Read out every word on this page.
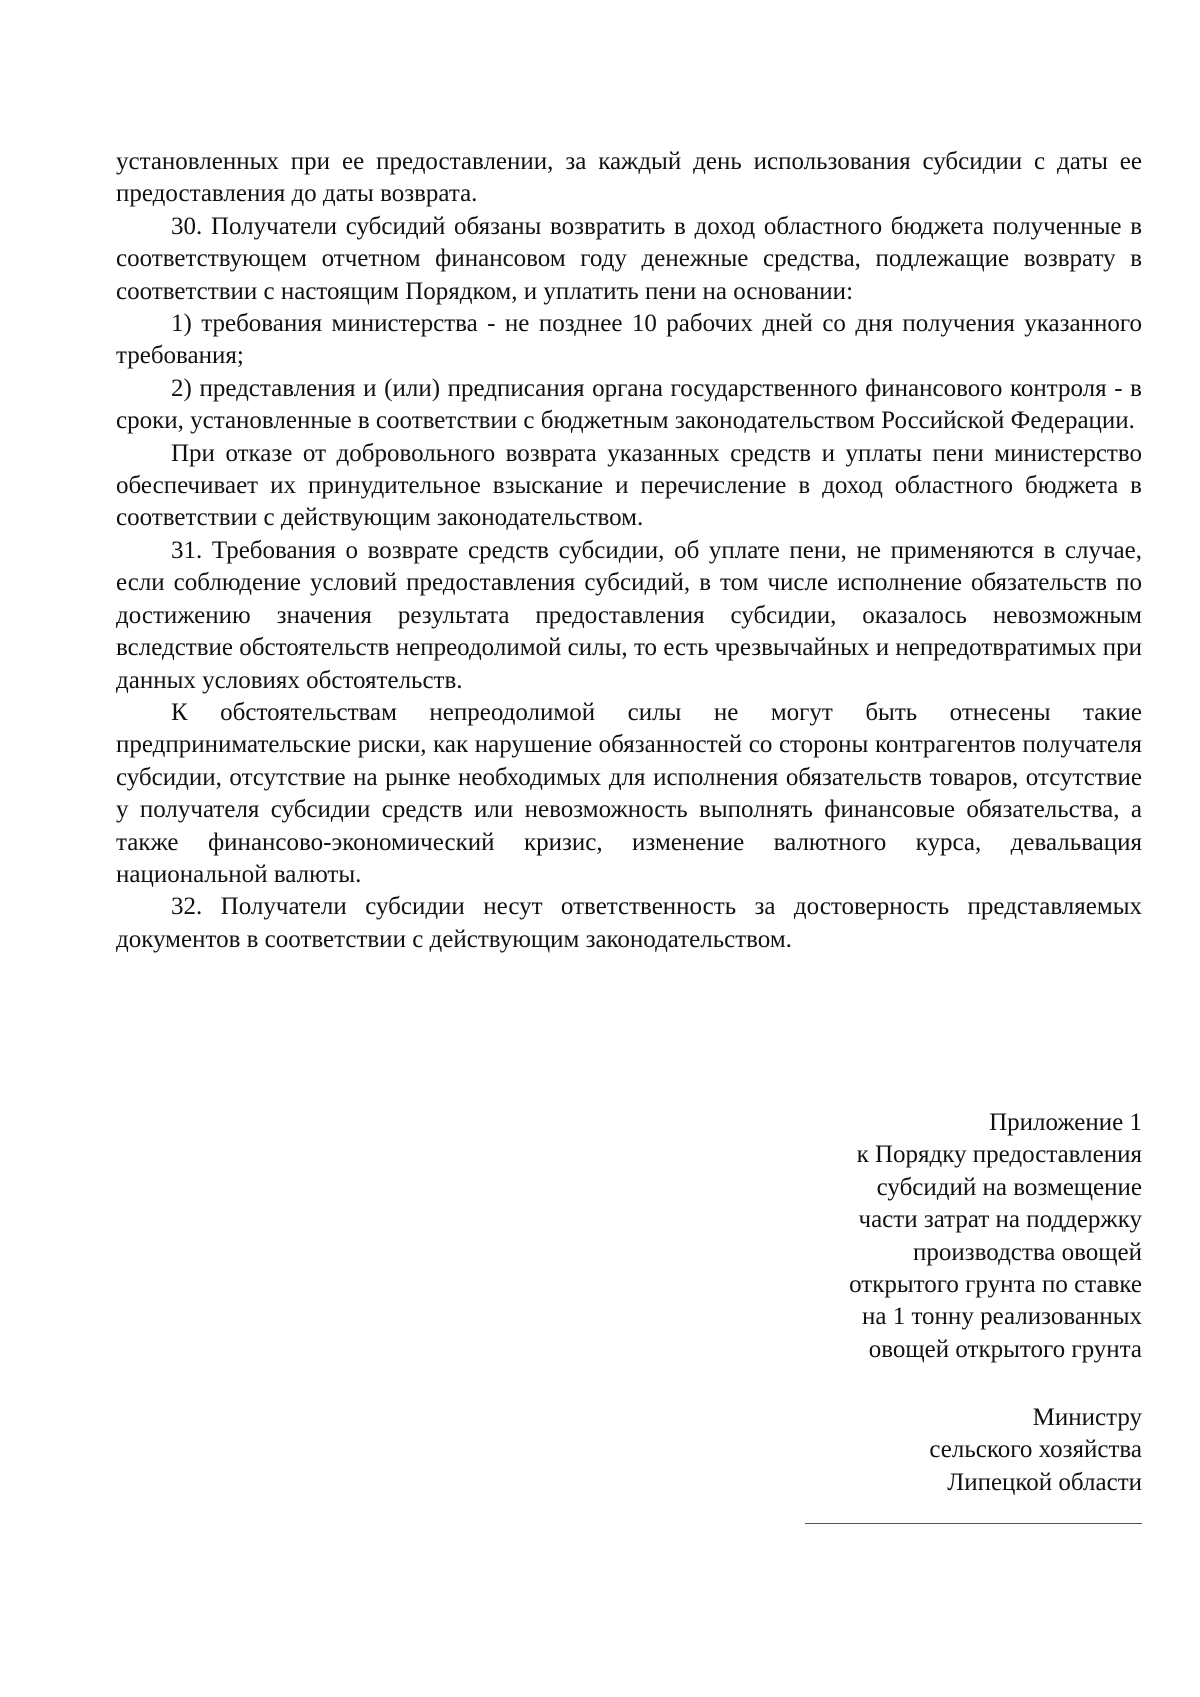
установленных при ее предоставлении, за каждый день использования субсидии с даты ее предоставления до даты возврата.

30. Получатели субсидий обязаны возвратить в доход областного бюджета полученные в соответствующем отчетном финансовом году денежные средства, подлежащие возврату в соответствии с настоящим Порядком, и уплатить пени на основании:

1) требования министерства - не позднее 10 рабочих дней со дня получения указанного требования;

2) представления и (или) предписания органа государственного финансового контроля - в сроки, установленные в соответствии с бюджетным законодательством Российской Федерации.

При отказе от добровольного возврата указанных средств и уплаты пени министерство обеспечивает их принудительное взыскание и перечисление в доход областного бюджета в соответствии с действующим законодательством.

31. Требования о возврате средств субсидии, об уплате пени, не применяются в случае, если соблюдение условий предоставления субсидий, в том числе исполнение обязательств по достижению значения результата предоставления субсидии, оказалось невозможным вследствие обстоятельств непреодолимой силы, то есть чрезвычайных и непредотвратимых при данных условиях обстоятельств.

К обстоятельствам непреодолимой силы не могут быть отнесены такие предпринимательские риски, как нарушение обязанностей со стороны контрагентов получателя субсидии, отсутствие на рынке необходимых для исполнения обязательств товаров, отсутствие у получателя субсидии средств или невозможность выполнять финансовые обязательства, а также финансово-экономический кризис, изменение валютного курса, девальвация национальной валюты.

32. Получатели субсидии несут ответственность за достоверность представляемых документов в соответствии с действующим законодательством.

Приложение 1
к Порядку предоставления
субсидий на возмещение
части затрат на поддержку
производства овощей
открытого грунта по ставке
на 1 тонну реализованных
овощей открытого грунта
Министру
сельского хозяйства
Липецкой области
